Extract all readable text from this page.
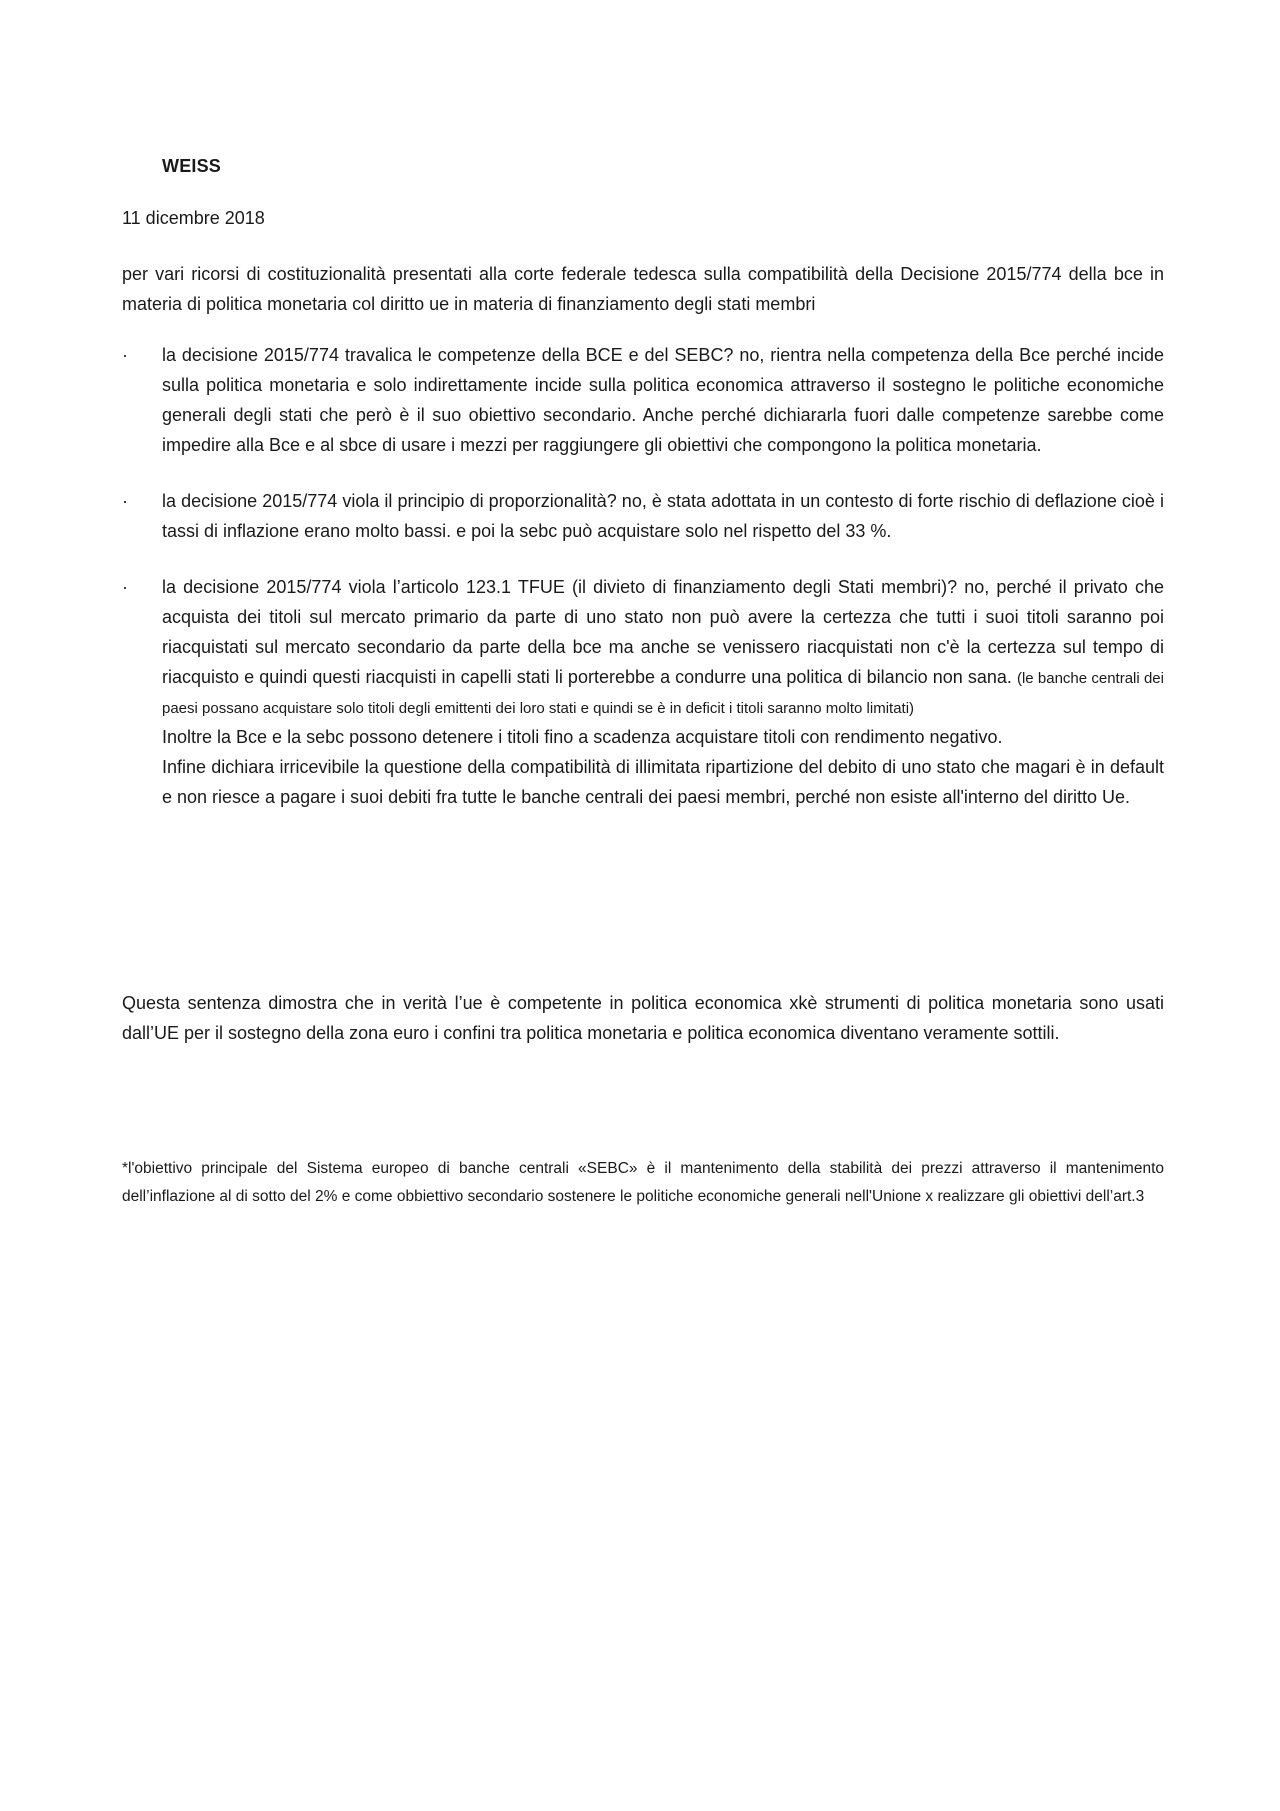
WEISS
11 dicembre 2018
per vari ricorsi di costituzionalità presentati alla corte federale tedesca sulla compatibilità della Decisione 2015/774 della bce in materia di politica monetaria col diritto ue in materia di finanziamento degli stati membri
·	la decisione 2015/774 travalica le competenze della BCE e del SEBC? no, rientra nella competenza della Bce perché incide sulla politica monetaria e solo indirettamente incide sulla politica economica attraverso il sostegno le politiche economiche generali degli stati che però è il suo obiettivo secondario. Anche perché dichiararla fuori dalle competenze sarebbe come impedire alla Bce e al sbce di usare i mezzi per raggiungere gli obiettivi che compongono la politica monetaria.
·	la decisione 2015/774 viola il principio di proporzionalità? no, è stata adottata in un contesto di forte rischio di deflazione cioè i tassi di inflazione erano molto bassi. e poi la sebc può acquistare solo nel rispetto del 33 %.
·	la decisione 2015/774 viola l’articolo 123.1 TFUE (il divieto di finanziamento degli Stati membri)? no, perché il privato che acquista dei titoli sul mercato primario da parte di uno stato non può avere la certezza che tutti i suoi titoli saranno poi riacquistati sul mercato secondario da parte della bce ma anche se venissero riacquistati non c'è la certezza sul tempo di riacquisto e quindi questi riacquisti in capelli stati li porterebbe a condurre una politica di bilancio non sana. (le banche centrali dei paesi possano acquistare solo titoli degli emittenti dei loro stati e quindi se è in deficit i titoli saranno molto limitati)
Inoltre la Bce e la sebc possono detenere i titoli fino a scadenza acquistare titoli con rendimento negativo.
Infine dichiara irricevibile la questione della compatibilità di illimitata ripartizione del debito di uno stato che magari è in default e non riesce a pagare i suoi debiti fra tutte le banche centrali dei paesi membri, perché non esiste all'interno del diritto Ue.
Questa sentenza dimostra che in verità l’ue è competente in politica economica xkè strumenti di politica monetaria sono usati dall’UE per il sostegno della zona euro i confini tra politica monetaria e politica economica diventano veramente sottili.
*l'obiettivo principale del Sistema europeo di banche centrali «SEBC» è il mantenimento della stabilità dei prezzi attraverso il mantenimento dell’inflazione al di sotto del 2% e come obbiettivo secondario sostenere le politiche economiche generali nell'Unione x realizzare gli obiettivi dell’art.3
